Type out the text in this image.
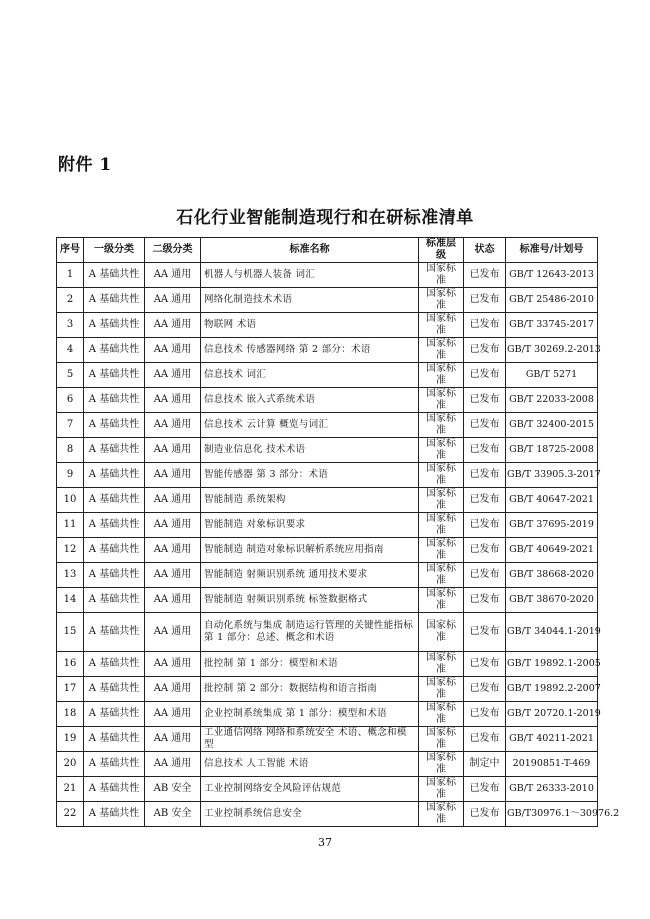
附件 1
石化行业智能制造现行和在研标准清单
序号	一级分类	二级分类	标准名称	标准层级	状态	标准号/计划号
1	A 基础共性	AA 通用	机器人与机器人装备 词汇	国家标准	已发布	GB/T 12643-2013
2	A 基础共性	AA 通用	网络化制造技术术语	国家标准	已发布	GB/T 25486-2010
3	A 基础共性	AA 通用	物联网 术语	国家标准	已发布	GB/T 33745-2017
4	A 基础共性	AA 通用	信息技术 传感器网络 第 2 部分：术语	国家标准	已发布	GB/T 30269.2-2013
5	A 基础共性	AA 通用	信息技术 词汇	国家标准	已发布	GB/T 5271
6	A 基础共性	AA 通用	信息技术 嵌入式系统术语	国家标准	已发布	GB/T 22033-2008
7	A 基础共性	AA 通用	信息技术 云计算 概览与词汇	国家标准	已发布	GB/T 32400-2015
8	A 基础共性	AA 通用	制造业信息化 技术术语	国家标准	已发布	GB/T 18725-2008
9	A 基础共性	AA 通用	智能传感器 第 3 部分：术语	国家标准	已发布	GB/T 33905.3-2017
10	A 基础共性	AA 通用	智能制造 系统架构	国家标准	已发布	GB/T 40647-2021
11	A 基础共性	AA 通用	智能制造 对象标识要求	国家标准	已发布	GB/T 37695-2019
12	A 基础共性	AA 通用	智能制造 制造对象标识解析系统应用指南	国家标准	已发布	GB/T 40649-2021
13	A 基础共性	AA 通用	智能制造 射频识别系统 通用技术要求	国家标准	已发布	GB/T 38668-2020
14	A 基础共性	AA 通用	智能制造 射频识别系统 标签数据格式	国家标准	已发布	GB/T 38670-2020
15	A 基础共性	AA 通用	自动化系统与集成 制造运行管理的关键性能指标 第 1 部分：总述、概念和术语	国家标准	已发布	GB/T 34044.1-2019
16	A 基础共性	AA 通用	批控制 第 1 部分：模型和术语	国家标准	已发布	GB/T 19892.1-2005
17	A 基础共性	AA 通用	批控制 第 2 部分：数据结构和语言指南	国家标准	已发布	GB/T 19892.2-2007
18	A 基础共性	AA 通用	企业控制系统集成 第 1 部分：模型和术语	国家标准	已发布	GB/T 20720.1-2019
19	A 基础共性	AA 通用	工业通信网络 网络和系统安全 术语、概念和模型	国家标准	已发布	GB/T 40211-2021
20	A 基础共性	AA 通用	信息技术 人工智能 术语	国家标准	制定中	20190851-T-469
21	A 基础共性	AB 安全	工业控制网络安全风险评估规范	国家标准	已发布	GB/T 26333-2010
22	A 基础共性	AB 安全	工业控制系统信息安全	国家标准	已发布	GB/T30976.1～30976.2
37
